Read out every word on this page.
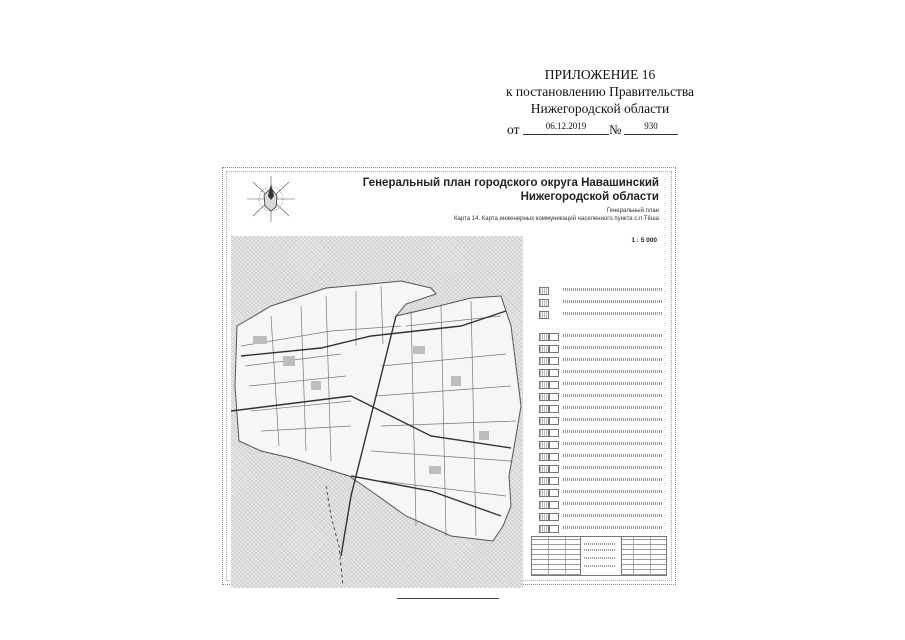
ПРИЛОЖЕНИЕ 16
к постановлению Правительства
Нижегородской области
от	06.12.2019	№	930
Генеральный план городского округа Навашинский Нижегородской области
Генеральный план
Карта 14. Карта инженерных коммуникаций населенного пункта с.п.Тёша
1 : 5 000
